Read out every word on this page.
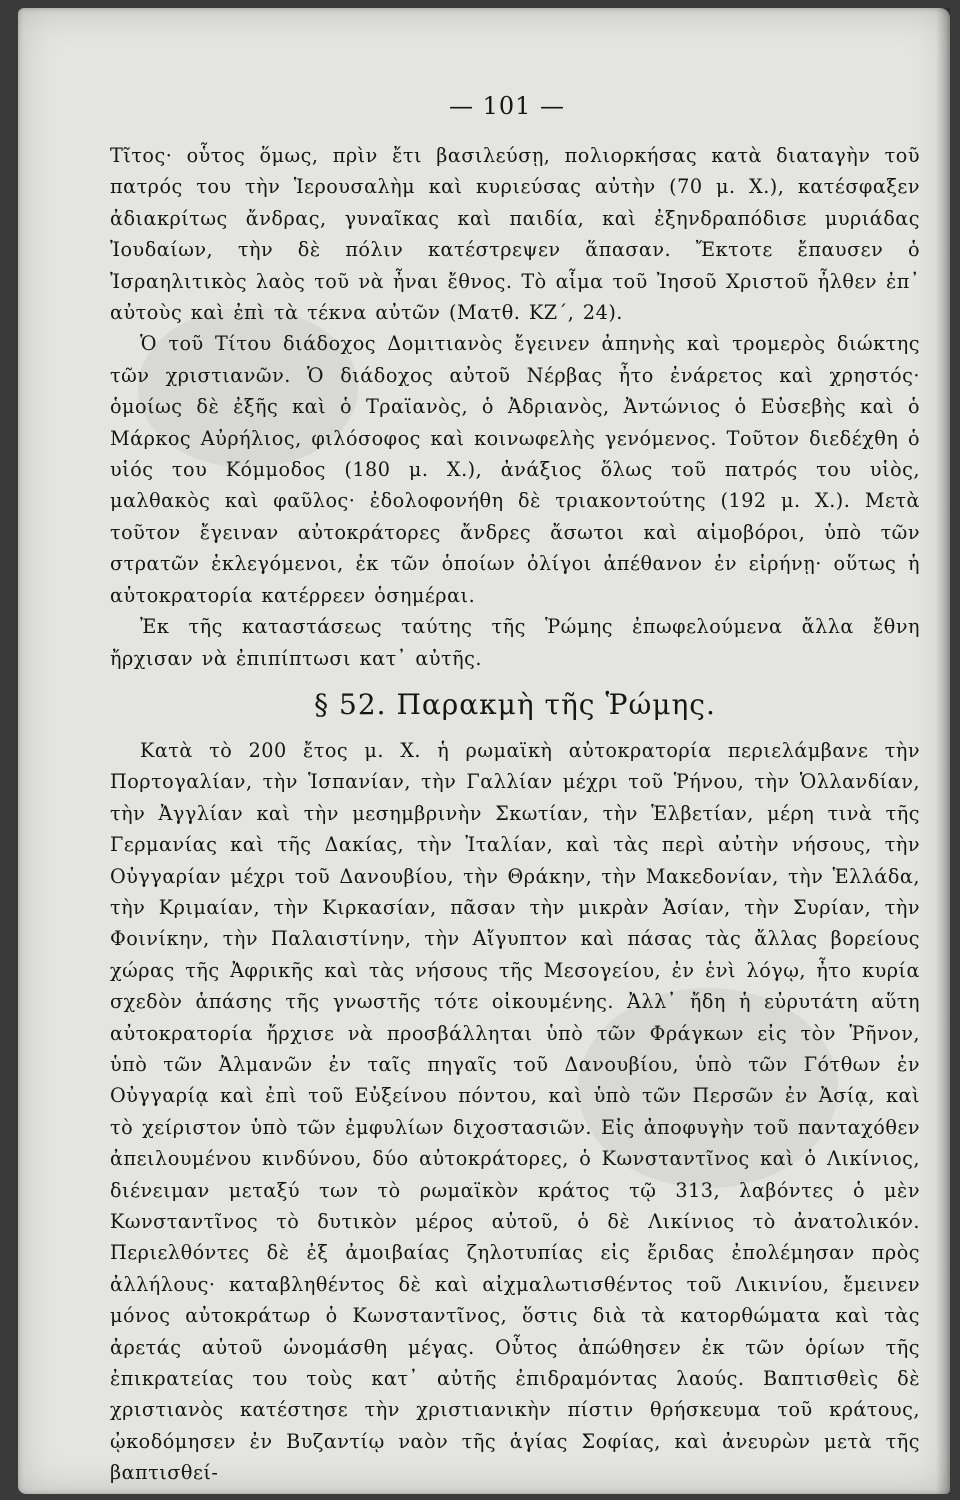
— 101 —

Τῖτος· οὗτος ὅμως, πρὶν ἔτι βασιλεύσῃ, πολιορκήσας κατὰ διαταγὴν τοῦ πατρός του τὴν Ἱερουσαλὴμ καὶ κυριεύσας αὐτὴν (70 μ. Χ.), κατέσφαξεν ἀδιακρίτως ἄνδρας, γυναῖκας καὶ παιδία, καὶ ἐξηνδραπόδισε μυριάδας Ἰουδαίων, τὴν δὲ πόλιν κατέστρεψεν ἅπασαν. Ἔκτοτε ἔπαυσεν ὁ Ἰσραηλιτικὸς λαὸς τοῦ νὰ ἦναι ἔθνος. Τὸ αἷμα τοῦ Ἰησοῦ Χριστοῦ ἦλθεν ἐπ᾽ αὐτοὺς καὶ ἐπὶ τὰ τέκνα αὐτῶν (Ματθ. ΚΖ΄, 24).

Ὁ τοῦ Τίτου διάδοχος Δομιτιανὸς ἔγεινεν ἀπηνὴς καὶ τρομερὸς διώκτης τῶν χριστιανῶν. Ὁ διάδοχος αὐτοῦ Νέρβας ἦτο ἐνάρετος καὶ χρηστός· ὁμοίως δὲ ἐξῆς καὶ ὁ Τραϊανὸς, ὁ Ἀδριανὸς, Ἀντώνιος ὁ Εὐσεβὴς καὶ ὁ Μάρκος Αὐρήλιος, φιλόσοφος καὶ κοινωφελὴς γενόμενος. Τοῦτον διεδέχθη ὁ υἱός του Κόμμοδος (180 μ. Χ.), ἀνάξιος ὅλως τοῦ πατρός του υἱὸς, μαλθακὸς καὶ φαῦλος· ἐδολοφονήθη δὲ τριακοντούτης (192 μ. Χ.). Μετὰ τοῦτον ἔγειναν αὐτοκράτορες ἄνδρες ἄσωτοι καὶ αἱμοβόροι, ὑπὸ τῶν στρατῶν ἐκλεγόμενοι, ἐκ τῶν ὁποίων ὀλίγοι ἀπέθανον ἐν εἰρήνῃ· οὕτως ἡ αὐτοκρατορία κατέρρεεν ὁσημέραι.

Ἐκ τῆς καταστάσεως ταύτης τῆς Ῥώμης ἐπωφελούμενα ἄλλα ἔθνη ἤρχισαν νὰ ἐπιπίπτωσι κατ᾽ αὐτῆς.

§ 52. Παρακμὴ τῆς Ῥώμης.

Κατὰ τὸ 200 ἔτος μ. Χ. ἡ ρωμαϊκὴ αὐτοκρατορία περιελάμβανε τὴν Πορτογαλίαν, τὴν Ἱσπανίαν, τὴν Γαλλίαν μέχρι τοῦ Ῥήνου, τὴν Ὁλλανδίαν, τὴν Ἀγγλίαν καὶ τὴν μεσημβρινὴν Σκωτίαν, τὴν Ἑλβετίαν, μέρη τινὰ τῆς Γερμανίας καὶ τῆς Δακίας, τὴν Ἰταλίαν, καὶ τὰς περὶ αὐτὴν νήσους, τὴν Οὐγγαρίαν μέχρι τοῦ Δανουβίου, τὴν Θράκην, τὴν Μακεδονίαν, τὴν Ἑλλάδα, τὴν Κριμαίαν, τὴν Κιρκασίαν, πᾶσαν τὴν μικρὰν Ἀσίαν, τὴν Συρίαν, τὴν Φοινίκην, τὴν Παλαιστίνην, τὴν Αἴγυπτον καὶ πάσας τὰς ἄλλας βορείους χώρας τῆς Ἀφρικῆς καὶ τὰς νήσους τῆς Μεσογείου, ἐν ἑνὶ λόγῳ, ἦτο κυρία σχεδὸν ἁπάσης τῆς γνωστῆς τότε οἰκουμένης. Ἀλλ᾽ ἤδη ἡ εὐρυτάτη αὕτη αὐτοκρατορία ἤρχισε νὰ προσβάλληται ὑπὸ τῶν Φράγκων εἰς τὸν Ῥῆνον, ὑπὸ τῶν Ἀλμανῶν ἐν ταῖς πηγαῖς τοῦ Δανουβίου, ὑπὸ τῶν Γότθων ἐν Οὐγγαρίᾳ καὶ ἐπὶ τοῦ Εὐξείνου πόντου, καὶ ὑπὸ τῶν Περσῶν ἐν Ἀσίᾳ, καὶ τὸ χείριστον ὑπὸ τῶν ἐμφυλίων διχοστασιῶν. Εἰς ἀποφυγὴν τοῦ πανταχόθεν ἀπειλουμένου κινδύνου, δύο αὐτοκράτορες, ὁ Κωνσταντῖνος καὶ ὁ Λικίνιος, διένειμαν μεταξύ των τὸ ρωμαϊκὸν κράτος τῷ 313, λαβόντες ὁ μὲν Κωνσταντῖνος τὸ δυτικὸν μέρος αὐτοῦ, ὁ δὲ Λικίνιος τὸ ἀνατολικόν. Περιελθόντες δὲ ἐξ ἀμοιβαίας ζηλοτυπίας εἰς ἔριδας ἐπολέμησαν πρὸς ἀλλήλους· καταβληθέντος δὲ καὶ αἰχμαλωτισθέντος τοῦ Λικινίου, ἔμεινεν μόνος αὐτοκράτωρ ὁ Κωνσταντῖνος, ὅστις διὰ τὰ κατορθώματα καὶ τὰς ἀρετάς αὐτοῦ ὠνομάσθη μέγας. Οὗτος ἀπώθησεν ἐκ τῶν ὁρίων τῆς ἐπικρατείας του τοὺς κατ᾽ αὐτῆς ἐπιδραμόντας λαούς. Βαπτισθεὶς δὲ χριστιανὸς κατέστησε τὴν χριστιανικὴν πίστιν θρήσκευμα τοῦ κράτους, ᾠκοδόμησεν ἐν Βυζαντίῳ ναὸν τῆς ἁγίας Σοφίας, καὶ ἀνευρὼν μετὰ τῆς βαπτισθεί-
